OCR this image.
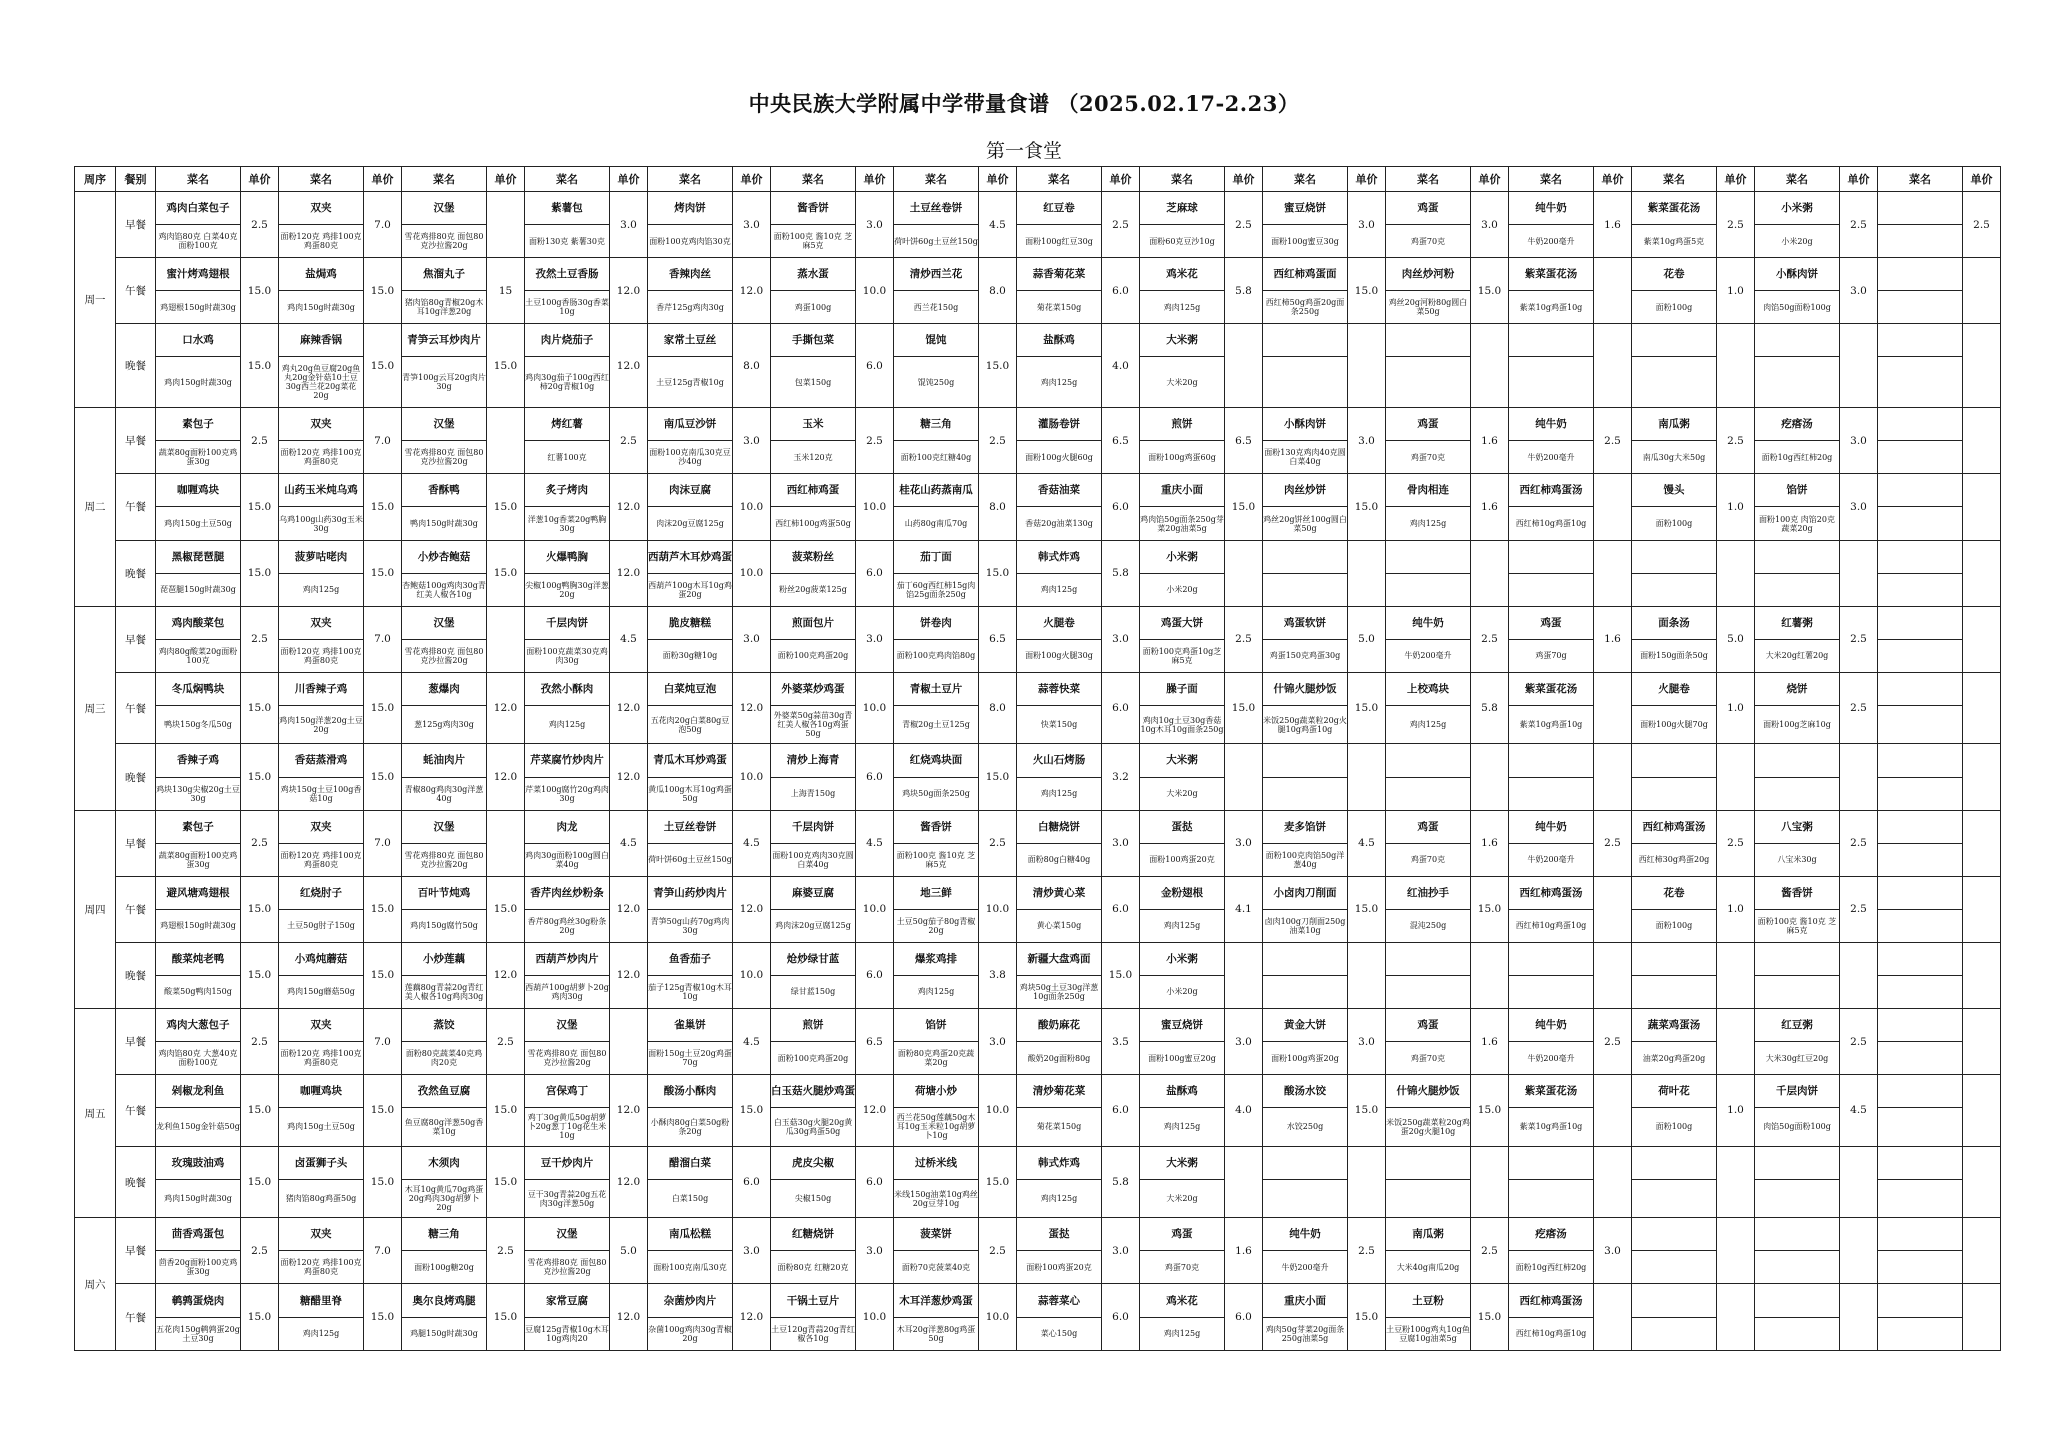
中央民族大学附属中学带量食谱 （2025.02.17-2.23）
第一食堂
周序	餐别	菜名	单价	菜名	单价	菜名	单价	菜名	单价	菜名	单价	菜名	单价	菜名	单价	菜名	单价	菜名	单价	菜名	单价	菜名	单价	菜名	单价	菜名	单价	菜名	单价	菜名	单价
周一	早餐	鸡肉白菜包子	2.5	双夹	7.0	汉堡		紫薯包	3.0	烤肉饼	3.0	酱香饼	3.0	土豆丝卷饼	4.5	红豆卷	2.5	芝麻球	2.5	蜜豆烧饼	3.0	鸡蛋	3.0	纯牛奶	1.6	紫菜蛋花汤	2.5	小米粥	2.5		2.5
		鸡肉馅80克 白菜40克 面粉100克		面粉120克 鸡排100克 鸡蛋80克		雪花鸡排80克 面包80克沙拉酱20g		面粉130克 紫薯30克		面粉100克鸡肉馅30克		面粉100克 酱10克 芝麻5克		荷叶饼60g土豆丝150g		面粉100g红豆30g		面粉60克豆沙10g		面粉100g蜜豆30g		鸡蛋70克		牛奶200毫升		紫菜10g鸡蛋5克		小米20g			
	午餐	蜜汁烤鸡翅根	15.0	盐焗鸡	15.0	焦溜丸子	15	孜然土豆香肠	12.0	香辣肉丝	12.0	蒸水蛋	10.0	清炒西兰花	8.0	蒜香菊花菜	6.0	鸡米花	5.8	西红柿鸡蛋面	15.0	肉丝炒河粉	15.0	紫菜蛋花汤		花卷	1.0	小酥肉饼	3.0		
		鸡翅根150g时蔬30g		鸡肉150g时蔬30g		猪肉馅80g青椒20g木耳10g洋葱20g		土豆100g香肠30g香菜10g		香芹125g鸡肉30g		鸡蛋100g		西兰花150g		菊花菜150g		鸡肉125g		西红柿50g鸡蛋20g面条250g		鸡丝20g河粉80g圆白菜50g		紫菜10g鸡蛋10g		面粉100g		肉馅50g面粉100g			
	晚餐	口水鸡	15.0	麻辣香锅	15.0	青笋云耳炒肉片	15.0	肉片烧茄子	12.0	家常土豆丝	8.0	手撕包菜	6.0	馄饨	15.0	盐酥鸡	4.0	大米粥													
		鸡肉150g时蔬30g		鸡丸20g鱼豆腐20g鱼丸20g金针菇10土豆30g西兰花20g菜花20g		青笋100g云耳20g肉片30g		鸡肉30g茄子100g西红柿20g青椒10g		土豆125g青椒10g		包菜150g		馄饨250g		鸡肉125g		大米20g													
周二	早餐	素包子	2.5	双夹	7.0	汉堡		烤红薯	2.5	南瓜豆沙饼	3.0	玉米	2.5	糖三角	2.5	灌肠卷饼	6.5	煎饼	6.5	小酥肉饼	3.0	鸡蛋	1.6	纯牛奶	2.5	南瓜粥	2.5	疙瘩汤	3.0		
		蔬菜80g面粉100克鸡蛋30g		面粉120克 鸡排100克 鸡蛋80克		雪花鸡排80克 面包80克沙拉酱20g		红薯100克		面粉100克南瓜30克豆沙40g		玉米120克		面粉100克红糖40g		面粉100g火腿60g		面粉100g鸡蛋60g		面粉130克鸡肉40克圆白菜40g		鸡蛋70克		牛奶200毫升		南瓜30g大米50g		面粉10g西红柿20g			
	午餐	咖喱鸡块	15.0	山药玉米炖乌鸡	15.0	香酥鸭	15.0	炙子烤肉	12.0	肉沫豆腐	10.0	西红柿鸡蛋	10.0	桂花山药蒸南瓜	8.0	香菇油菜	6.0	重庆小面	15.0	肉丝炒饼	15.0	骨肉相连	1.6	西红柿鸡蛋汤		馒头	1.0	馅饼	3.0		
		鸡肉150g土豆50g		乌鸡100g山药30g玉米30g		鸭肉150g时蔬30g		洋葱10g香菜20g鸭胸30g		肉沫20g豆腐125g		西红柿100g鸡蛋50g		山药80g南瓜70g		香菇20g油菜130g		鸡肉馅50g面条250g芽菜20g油菜5g		鸡丝20g饼丝100g圆白菜50g		鸡肉125g		西红柿10g鸡蛋10g		面粉100g		面粉100克 肉馅20克 蔬菜20g			
	晚餐	黑椒琵琶腿	15.0	菠萝咕咾肉	15.0	小炒杏鲍菇	15.0	火爆鸭胸	12.0	西葫芦木耳炒鸡蛋	10.0	菠菜粉丝	6.0	茄丁面	15.0	韩式炸鸡	5.8	小米粥													
		琵琶腿150g时蔬30g		鸡肉125g		杏鲍菇100g鸡肉30g青红美人椒各10g		尖椒100g鸭胸30g洋葱20g		西葫芦100g木耳10g鸡蛋20g		粉丝20g菠菜125g		茄丁60g西红柿15g肉馅25g面条250g		鸡肉125g		小米20g													
周三	早餐	鸡肉酸菜包	2.5	双夹	7.0	汉堡		千层肉饼	4.5	脆皮糖糕	3.0	煎面包片	3.0	饼卷肉	6.5	火腿卷	3.0	鸡蛋大饼	2.5	鸡蛋软饼	5.0	纯牛奶	2.5	鸡蛋	1.6	面条汤	5.0	红薯粥	2.5		
		鸡肉80g酸菜20g面粉100克		面粉120克 鸡排100克 鸡蛋80克		雪花鸡排80克 面包80克沙拉酱20g		面粉100克蔬菜30克鸡肉30g		面粉30g糖10g		面粉100克鸡蛋20g		面粉100克鸡肉馅80g		面粉100g火腿30g		面粉100克鸡蛋10g芝麻5克		鸡蛋150克鸡蛋30g		牛奶200毫升		鸡蛋70g		面粉150g面条50g		大米20g红薯20g			
	午餐	冬瓜焖鸭块	15.0	川香辣子鸡	15.0	葱爆肉	12.0	孜然小酥肉	12.0	白菜炖豆泡	12.0	外婆菜炒鸡蛋	10.0	青椒土豆片	8.0	蒜蓉快菜	6.0	臊子面	15.0	什锦火腿炒饭	15.0	上校鸡块	5.8	紫菜蛋花汤		火腿卷	1.0	烧饼	2.5		
		鸭块150g冬瓜50g		鸡肉150g洋葱20g土豆20g		葱125g鸡肉30g		鸡肉125g		五花肉20g白菜80g豆泡50g		外婆菜50g蒜苗30g青红美人椒各10g鸡蛋50g		青椒20g土豆125g		快菜150g		鸡肉10g土豆30g香菇10g木耳10g面条250g		米饭250g蔬菜粒20g火腿10g鸡蛋10g		鸡肉125g		紫菜10g鸡蛋10g		面粉100g火腿70g		面粉100g芝麻10g			
	晚餐	香辣子鸡	15.0	香菇蒸滑鸡	15.0	蚝油肉片	12.0	芹菜腐竹炒肉片	12.0	青瓜木耳炒鸡蛋	10.0	清炒上海青	6.0	红烧鸡块面	15.0	火山石烤肠	3.2	大米粥													
		鸡块130g尖椒20g土豆30g		鸡块150g土豆100g香菇10g		青椒80g鸡肉30g洋葱40g		芹菜100g腐竹20g鸡肉30g		黄瓜100g木耳10g鸡蛋50g		上海青150g		鸡块50g面条250g		鸡肉125g		大米20g													
周四	早餐	素包子	2.5	双夹	7.0	汉堡		肉龙	4.5	土豆丝卷饼	4.5	千层肉饼	4.5	酱香饼	2.5	白糖烧饼	3.0	蛋挞	3.0	麦多馅饼	4.5	鸡蛋	1.6	纯牛奶	2.5	西红柿鸡蛋汤	2.5	八宝粥	2.5		
		蔬菜80g面粉100克鸡蛋30g		面粉120克 鸡排100克 鸡蛋80克		雪花鸡排80克 面包80克沙拉酱20g		鸡肉30g面粉100g圆白菜40g		荷叶饼60g土豆丝150g		面粉100克鸡肉30克圆白菜40g		面粉100克 酱10克 芝麻5克		面粉80g白糖40g		面粉100鸡蛋20克		面粉100克肉馅50g洋葱40g		鸡蛋70克		牛奶200毫升		西红柿30g鸡蛋20g		八宝米30g			
	午餐	避风塘鸡翅根	15.0	红烧肘子	15.0	百叶节炖鸡	15.0	香芹肉丝炒粉条	12.0	青笋山药炒肉片	12.0	麻婆豆腐	10.0	地三鲜	10.0	清炒黄心菜	6.0	金粉翅根	4.1	小卤肉刀削面	15.0	红油抄手	15.0	西红柿鸡蛋汤		花卷	1.0	酱香饼	2.5		
		鸡翅根150g时蔬30g		土豆50g肘子150g		鸡肉150g腐竹50g		香芹80g鸡丝30g粉条20g		青笋50g山药70g鸡肉30g		鸡肉沫20g豆腐125g		土豆50g茄子80g青椒20g		黄心菜150g		鸡肉125g		卤肉100g刀削面250g油菜10g		混沌250g		西红柿10g鸡蛋10g		面粉100g		面粉100克 酱10克 芝麻5克			
	晚餐	酸菜炖老鸭	15.0	小鸡炖蘑菇	15.0	小炒莲藕	12.0	西葫芦炒肉片	12.0	鱼香茄子	10.0	炝炒绿甘蓝	6.0	爆浆鸡排	3.8	新疆大盘鸡面	15.0	小米粥													
		酸菜50g鸭肉150g		鸡肉150g蘑菇50g		莲藕80g青蒜20g青红美人椒各10g鸡肉30g		西葫芦100g胡萝卜20g鸡肉30g		茄子125g青椒10g木耳10g		绿甘蓝150g		鸡肉125g		鸡块50g土豆30g洋葱10g面条250g		小米20g													
周五	早餐	鸡肉大葱包子	2.5	双夹	7.0	蒸饺	2.5	汉堡		雀巢饼	4.5	煎饼	6.5	馅饼	3.0	酸奶麻花	3.5	蜜豆烧饼	3.0	黄金大饼	3.0	鸡蛋	1.6	纯牛奶	2.5	蔬菜鸡蛋汤		红豆粥	2.5		
		鸡肉馅80克 大葱40克 面粉100克		面粉120克 鸡排100克 鸡蛋80克		面粉80克蔬菜40克鸡肉20克		雪花鸡排80克 面包80克沙拉酱20g		面粉150g土豆20g鸡蛋70g		面粉100克鸡蛋20g		面粉80克鸡蛋20克蔬菜20g		酸奶20g面粉80g		面粉100g蜜豆20g		面粉100g鸡蛋20g		鸡蛋70克		牛奶200毫升		油菜20g鸡蛋20g		大米30g红豆20g			
	午餐	剁椒龙利鱼	15.0	咖喱鸡块	15.0	孜然鱼豆腐	15.0	宫保鸡丁	12.0	酸汤小酥肉	15.0	白玉菇火腿炒鸡蛋	12.0	荷塘小炒	10.0	清炒菊花菜	6.0	盐酥鸡	4.0	酸汤水饺	15.0	什锦火腿炒饭	15.0	紫菜蛋花汤		荷叶花	1.0	千层肉饼	4.5		
		龙利鱼150g金针菇50g		鸡肉150g土豆50g		鱼豆腐80g洋葱50g香菜10g		鸡丁30g黄瓜50g胡萝卜20g葱丁10g花生米10g		小酥肉80g白菜50g粉条20g		白玉菇30g火腿20g黄瓜30g鸡蛋50g		西兰花50g莲藕50g木耳10g玉米粒10g胡萝卜10g		菊花菜150g		鸡肉125g		水饺250g		米饭250g蔬菜粒20g鸡蛋20g火腿10g		紫菜10g鸡蛋10g		面粉100g		肉馅50g面粉100g			
	晚餐	玫瑰豉油鸡	15.0	卤蛋狮子头	15.0	木须肉	15.0	豆干炒肉片	12.0	醋溜白菜	6.0	虎皮尖椒	6.0	过桥米线	15.0	韩式炸鸡	5.8	大米粥													
		鸡肉150g时蔬30g		猪肉馅80g鸡蛋50g		木耳10g黄瓜70g鸡蛋20g鸡肉30g胡萝卜20g		豆干30g青蒜20g五花肉30g洋葱50g		白菜150g		尖椒150g		米线150g油菜10g鸡丝20g豆芽10g		鸡肉125g		大米20g													
周六	早餐	茴香鸡蛋包	2.5	双夹	7.0	糖三角	2.5	汉堡	5.0	南瓜松糕	3.0	红糖烧饼	3.0	菠菜饼	2.5	蛋挞	3.0	鸡蛋	1.6	纯牛奶	2.5	南瓜粥	2.5	疙瘩汤	3.0						
		茴香20g面粉100克鸡蛋30g		面粉120克 鸡排100克 鸡蛋80克		面粉100g糖20g		雪花鸡排80克 面包80克沙拉酱20g		面粉100克南瓜30克		面粉80克 红糖20克		面粉70克菠菜40克		面粉100鸡蛋20克		鸡蛋70克		牛奶200毫升		大米40g南瓜20g		面粉10g西红柿20g							
	午餐	鹌鹑蛋烧肉	15.0	糖醋里脊	15.0	奥尔良烤鸡腿	15.0	家常豆腐	12.0	杂菌炒肉片	12.0	干锅土豆片	10.0	木耳洋葱炒鸡蛋	10.0	蒜蓉菜心	6.0	鸡米花	6.0	重庆小面	15.0	土豆粉	15.0	西红柿鸡蛋汤							
		五花肉150g鹌鹑蛋20g土豆30g		鸡肉125g		鸡腿150g时蔬30g		豆腐125g青椒10g木耳10g鸡肉20		杂菌100g鸡肉30g青椒20g		土豆120g青蒜20g青红椒各10g		木耳20g洋葱80g鸡蛋50g		菜心150g		鸡肉125g		鸡肉50g芽菜20g面条250g油菜5g		土豆粉100g鸡丸10g鱼豆腐10g油菜5g		西红柿10g鸡蛋10g							
